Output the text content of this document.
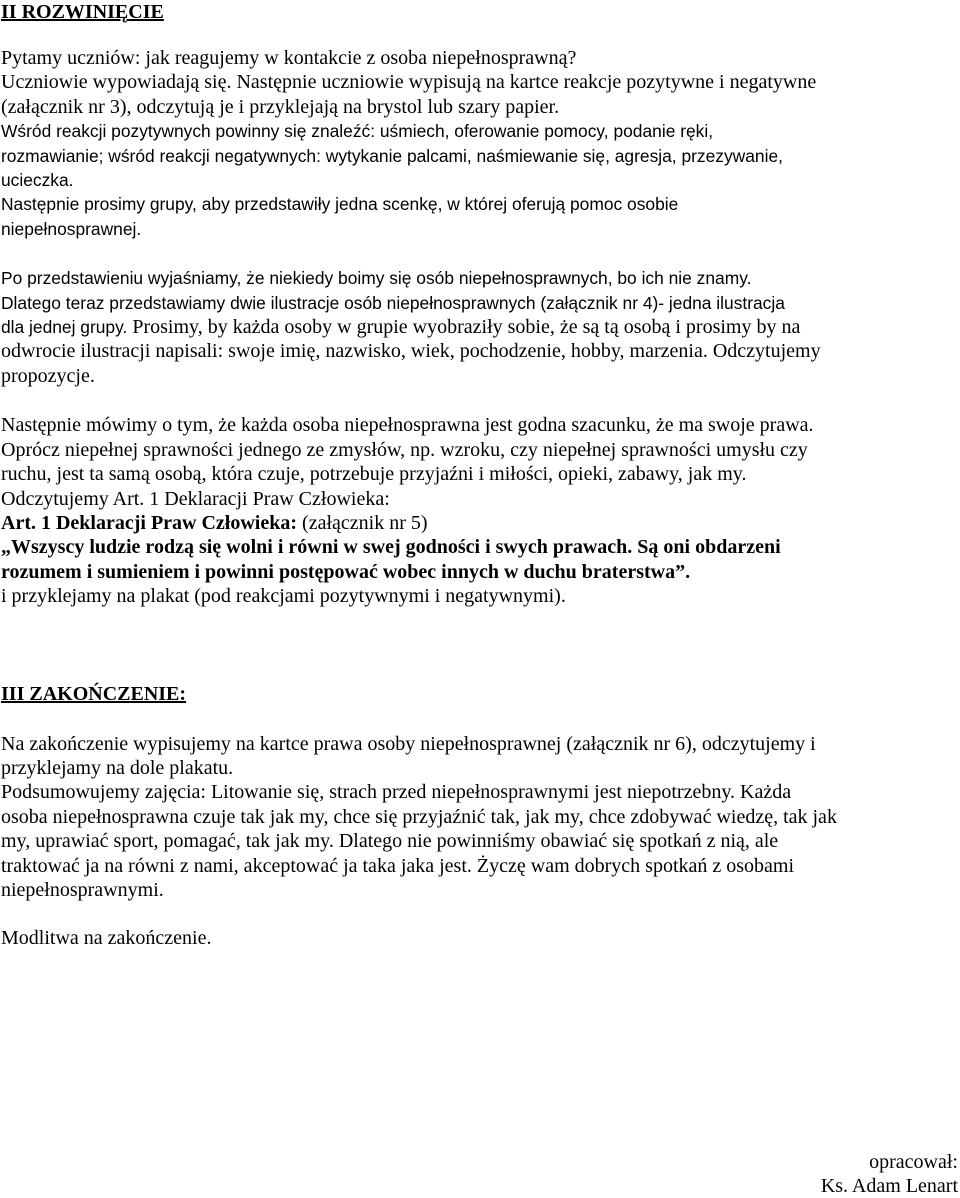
II ROZWINIĘCIE
Pytamy uczniów: jak reagujemy w kontakcie z osoba niepełnosprawną?
Uczniowie wypowiadają się. Następnie uczniowie wypisują na kartce reakcje pozytywne i negatywne
(załącznik nr 3), odczytują je i przyklejają na brystol lub szary papier.
Wśród reakcji pozytywnych powinny się znaleźć: uśmiech, oferowanie pomocy, podanie ręki,
rozmawianie; wśród reakcji negatywnych: wytykanie palcami, naśmiewanie się, agresja, przezywanie,
ucieczka.
Następnie prosimy grupy, aby przedstawiły jedna scenkę, w której oferują pomoc osobie
niepełnosprawnej.
Po przedstawieniu wyjaśniamy, że niekiedy boimy się osób niepełnosprawnych, bo ich nie znamy.
Dlatego teraz przedstawiamy dwie ilustracje osób niepełnosprawnych (załącznik nr 4)- jedna ilustracja
dla jednej grupy. Prosimy, by każda osoby w grupie wyobraziły sobie, że są tą osobą i prosimy by na
odwrocie ilustracji napisali: swoje imię, nazwisko, wiek, pochodzenie, hobby, marzenia. Odczytujemy
propozycje.
Następnie mówimy o tym, że każda osoba niepełnosprawna jest godna szacunku, że ma swoje prawa.
Oprócz niepełnej sprawności jednego ze zmysłów, np. wzroku, czy niepełnej sprawności umysłu czy
ruchu, jest ta samą osobą, która czuje, potrzebuje przyjaźni i miłości, opieki, zabawy, jak my.
Odczytujemy Art. 1 Deklaracji Praw Człowieka:
Art. 1 Deklaracji Praw Człowieka: (załącznik nr 5)
„Wszyscy ludzie rodzą się wolni i równi w swej godności i swych prawach. Są oni obdarzeni
rozumem i sumieniem i powinni postępować wobec innych w duchu braterstwa”.
i przyklejamy na plakat (pod reakcjami pozytywnymi i negatywnymi).
III ZAKOŃCZENIE:
Na zakończenie wypisujemy na kartce prawa osoby niepełnosprawnej (załącznik nr 6), odczytujemy i
przyklejamy na dole plakatu.
Podsumowujemy zajęcia: Litowanie się, strach przed niepełnosprawnymi jest niepotrzebny. Każda
osoba niepełnosprawna czuje tak jak my, chce się przyjaźnić tak, jak my, chce zdobywać wiedzę, tak jak
my, uprawiać sport, pomagać, tak jak my. Dlatego nie powinniśmy obawiać się spotkań z nią, ale
traktować ja na równi z nami, akceptować ja taka jaka jest. Życzę wam dobrych spotkań z osobami
niepełnosprawnymi.
Modlitwa na zakończenie.
opracował:
Ks. Adam Lenart
